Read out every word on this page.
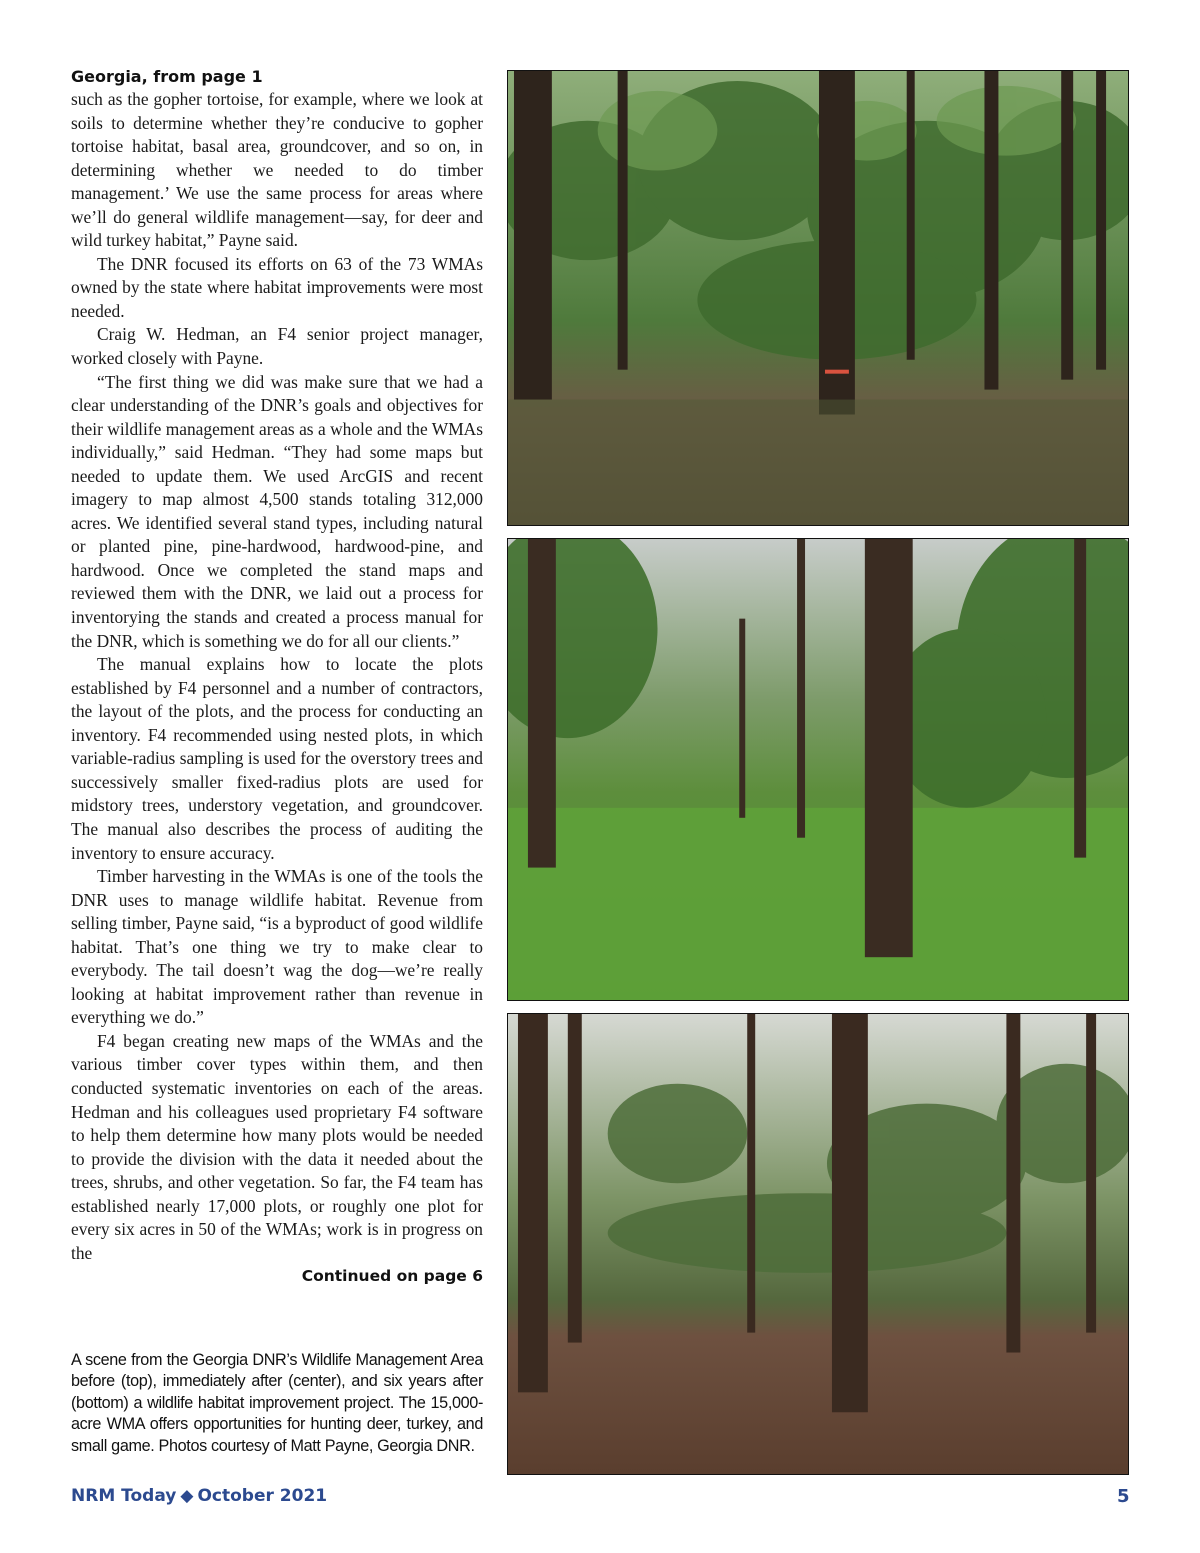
Georgia, from page 1

such as the gopher tortoise, for example, where we look at soils to determine whether they’re conducive to gopher tortoise habitat, basal area, groundcover, and so on, in determining whether we needed to do timber management.’ We use the same process for areas where we’ll do general wildlife management—say, for deer and wild turkey habitat,” Payne said.

The DNR focused its efforts on 63 of the 73 WMAs owned by the state where habitat improvements were most needed.

Craig W. Hedman, an F4 senior project manager, worked closely with Payne.

“The first thing we did was make sure that we had a clear understanding of the DNR’s goals and objectives for their wildlife management areas as a whole and the WMAs individually,” said Hedman. “They had some maps but needed to update them. We used ArcGIS and recent imagery to map almost 4,500 stands totaling 312,000 acres. We identified several stand types, including natural or planted pine, pine-hardwood, hardwood-pine, and hardwood. Once we completed the stand maps and reviewed them with the DNR, we laid out a process for inventorying the stands and created a process manual for the DNR, which is something we do for all our clients.”

The manual explains how to locate the plots established by F4 personnel and a number of contractors, the layout of the plots, and the process for conducting an inventory. F4 recommended using nested plots, in which variable-radius sampling is used for the overstory trees and successively smaller fixed-radius plots are used for midstory trees, understory vegetation, and groundcover. The manual also describes the process of auditing the inventory to ensure accuracy.

Timber harvesting in the WMAs is one of the tools the DNR uses to manage wildlife habitat. Revenue from selling timber, Payne said, “is a byproduct of good wildlife habitat. That’s one thing we try to make clear to everybody. The tail doesn’t wag the dog—we’re really looking at habitat improvement rather than revenue in everything we do.”

F4 began creating new maps of the WMAs and the various timber cover types within them, and then conducted systematic inventories on each of the areas. Hedman and his colleagues used proprietary F4 software to help them determine how many plots would be needed to provide the division with the data it needed about the trees, shrubs, and other vegetation. So far, the F4 team has established nearly 17,000 plots, or roughly one plot for every six acres in 50 of the WMAs; work is in progress on the

Continued on page 6

A scene from the Georgia DNR’s Wildlife Management Area before (top), immediately after (center), and six years after (bottom) a wildlife habitat improvement project. The 15,000-acre WMA offers opportunities for hunting deer, turkey, and small game. Photos courtesy of Matt Payne, Georgia DNR.

NRM Today ◆ October 2021	5
